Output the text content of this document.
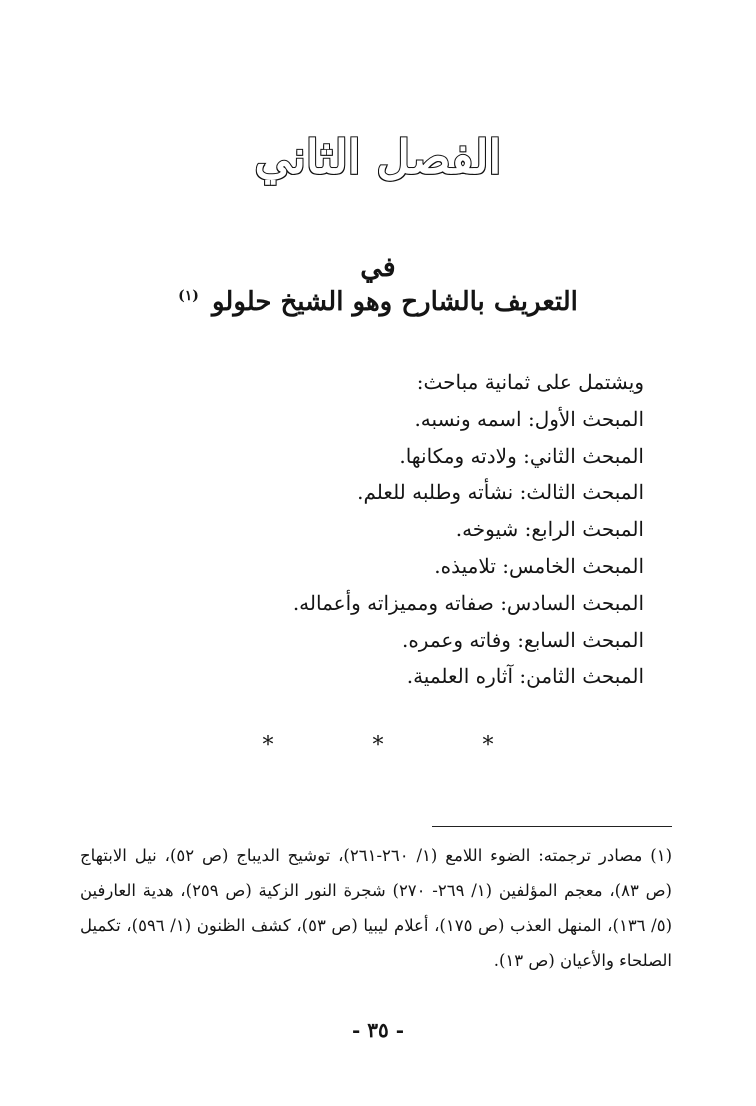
الفصل الثاني
في
التعريف بالشارح وهو الشيخ حلولو $^{(١)}$
ويشتمل على ثمانية مباحث:
المبحث الأول: اسمه ونسبه.
المبحث الثاني: ولادته ومكانها.
المبحث الثالث: نشأته وطلبه للعلم.
المبحث الرابع: شيوخه.
المبحث الخامس: تلاميذه.
المبحث السادس: صفاته ومميزاته وأعماله.
المبحث السابع: وفاته وعمره.
المبحث الثامن: آثاره العلمية.
* * *
(١) مصادر ترجمته: الضوء اللامع (١/ ٢٦٠-٢٦١)، توشيح الديباج (ص ٥٢)، نيل الابتهاج (ص ٨٣)، معجم المؤلفين (١/ ٢٦٩- ٢٧٠) شجرة النور الزكية (ص ٢٥٩)، هدية العارفين (٥/ ١٣٦)، المنهل العذب (ص ١٧٥)، أعلام ليبيا (ص ٥٣)، كشف الظنون (١/ ٥٩٦)، تكميل الصلحاء والأعيان (ص ١٣).
- ٣٥ -
